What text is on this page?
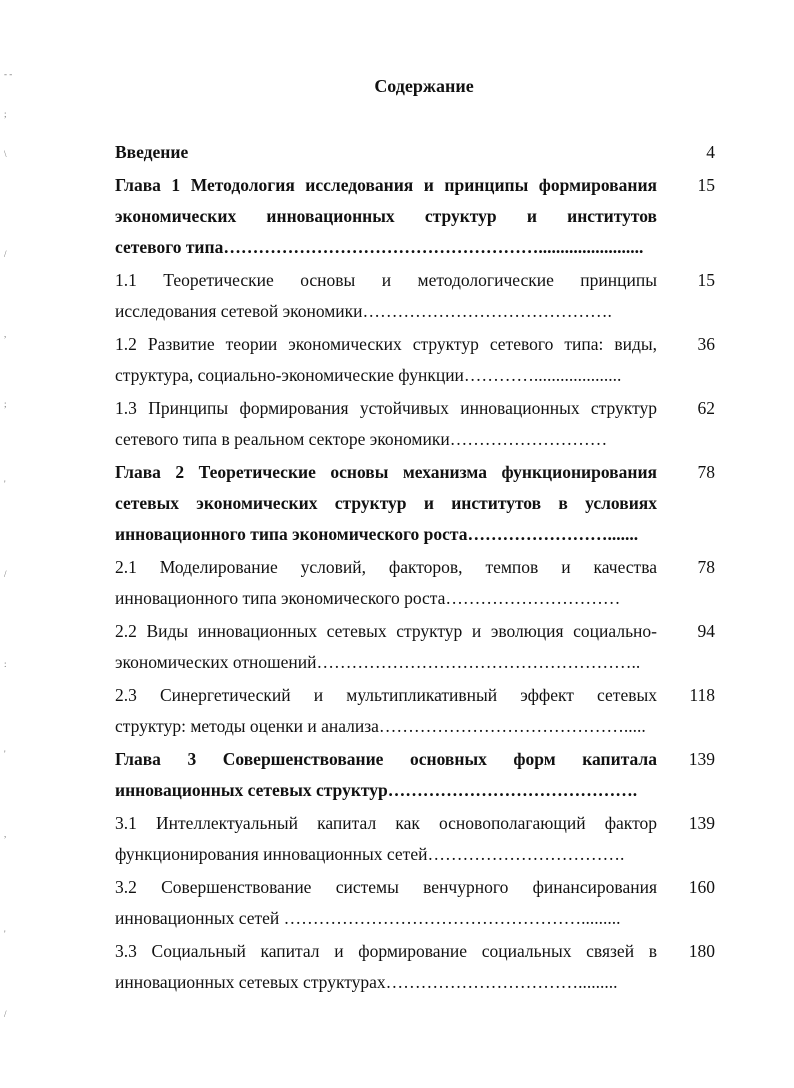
- -
;
\
/
,
;
'
/
:
'
,
'
/
Содержание
Введение	4
Глава 1 Методология исследования и принципы формирования
экономических инновационных структур и институтов
сетевого типа………………………………………………........................
15
1.1 Теоретические основы и методологические принципы
исследования сетевой экономики…………………………………….
15
1.2 Развитие теории экономических структур сетевого типа: виды,
структура, социально-экономические функции…………....................
36
1.3 Принципы формирования устойчивых инновационных структур
сетевого типа в реальном секторе экономики………………………
62
Глава 2 Теоретические основы механизма функционирования
сетевых экономических структур и институтов в условиях
инновационного типа экономического роста…………………….......
78
2.1 Моделирование условий, факторов, темпов и качества
инновационного типа экономического роста…………………………
78
2.2 Виды инновационных сетевых структур и эволюция социально-
экономических отношений………………………………………………..
94
2.3 Синергетический и мультипликативный эффект сетевых
структур: методы оценки и анализа…………………………………….....
118
Глава 3 Совершенствование основных форм капитала
инновационных сетевых структур…………………………………….
139
3.1 Интеллектуальный капитал как основополагающий фактор
функционирования инновационных сетей…………………………….
139
3.2 Совершенствование системы венчурного финансирования
инновационных сетей …………………………………………….........
160
3.3 Социальный капитал и формирование социальных связей в
инновационных сетевых структурах…………………………….........
180
